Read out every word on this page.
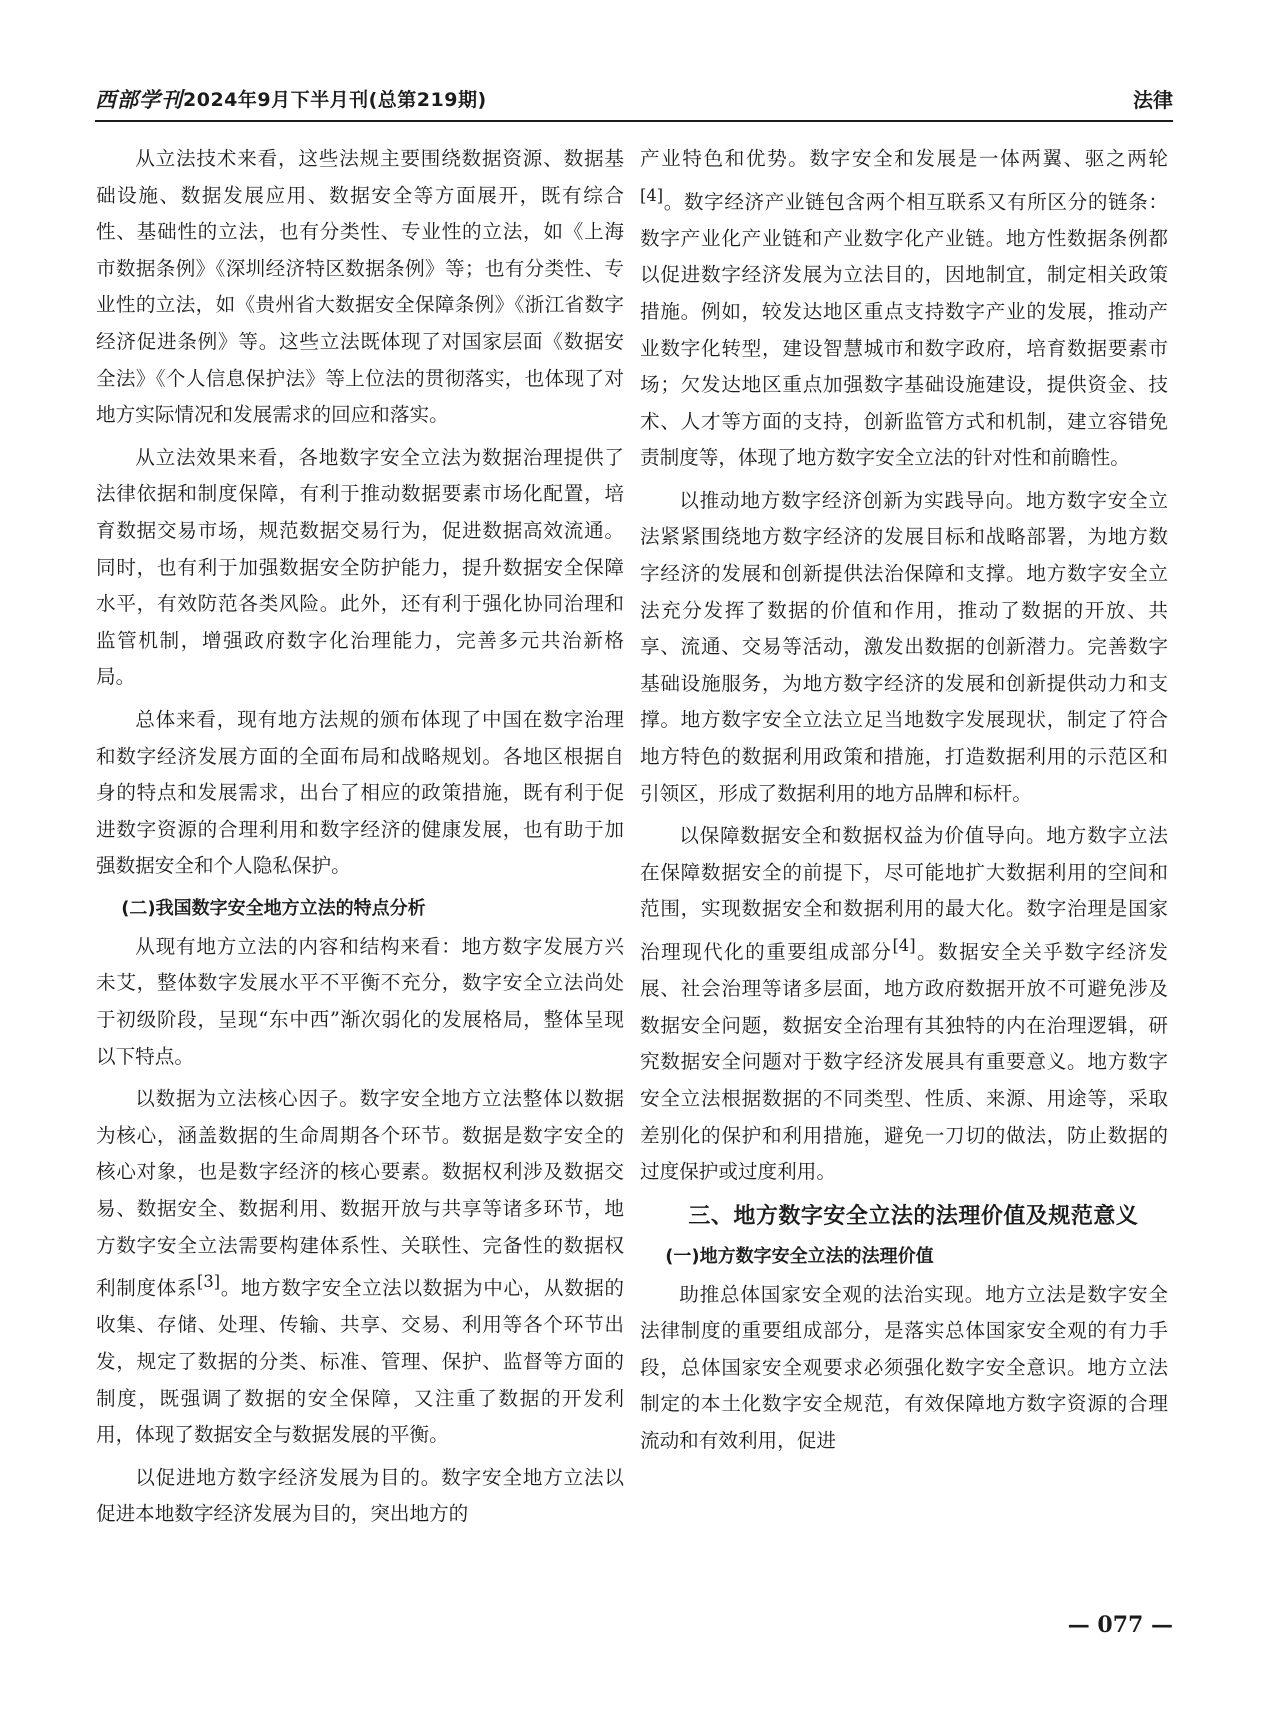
西部学刊 2024年9月下半月刊(总第219期)	法律

从立法技术来看，这些法规主要围绕数据资源、数据基础设施、数据发展应用、数据安全等方面展开，既有综合性、基础性的立法，也有分类性、专业性的立法，如《上海市数据条例》《深圳经济特区数据条例》等；也有分类性、专业性的立法，如《贵州省大数据安全保障条例》《浙江省数字经济促进条例》等。这些立法既体现了对国家层面《数据安全法》《个人信息保护法》等上位法的贯彻落实，也体现了对地方实际情况和发展需求的回应和落实。

从立法效果来看，各地数字安全立法为数据治理提供了法律依据和制度保障，有利于推动数据要素市场化配置，培育数据交易市场，规范数据交易行为，促进数据高效流通。同时，也有利于加强数据安全防护能力，提升数据安全保障水平，有效防范各类风险。此外，还有利于强化协同治理和监管机制，增强政府数字化治理能力，完善多元共治新格局。

总体来看，现有地方法规的颁布体现了中国在数字治理和数字经济发展方面的全面布局和战略规划。各地区根据自身的特点和发展需求，出台了相应的政策措施，既有利于促进数字资源的合理利用和数字经济的健康发展，也有助于加强数据安全和个人隐私保护。

(二)我国数字安全地方立法的特点分析

从现有地方立法的内容和结构来看：地方数字发展方兴未艾，整体数字发展水平不平衡不充分，数字安全立法尚处于初级阶段，呈现“东中西”渐次弱化的发展格局，整体呈现以下特点。

以数据为立法核心因子。数字安全地方立法整体以数据为核心，涵盖数据的生命周期各个环节。数据是数字安全的核心对象，也是数字经济的核心要素。数据权利涉及数据交易、数据安全、数据利用、数据开放与共享等诸多环节，地方数字安全立法需要构建体系性、关联性、完备性的数据权利制度体系[3]。地方数字安全立法以数据为中心，从数据的收集、存储、处理、传输、共享、交易、利用等各个环节出发，规定了数据的分类、标准、管理、保护、监督等方面的制度，既强调了数据的安全保障，又注重了数据的开发利用，体现了数据安全与数据发展的平衡。

以促进地方数字经济发展为目的。数字安全地方立法以促进本地数字经济发展为目的，突出地方的

产业特色和优势。数字安全和发展是一体两翼、驱之两轮[4]。数字经济产业链包含两个相互联系又有所区分的链条：数字产业化产业链和产业数字化产业链。地方性数据条例都以促进数字经济发展为立法目的，因地制宜，制定相关政策措施。例如，较发达地区重点支持数字产业的发展，推动产业数字化转型，建设智慧城市和数字政府，培育数据要素市场；欠发达地区重点加强数字基础设施建设，提供资金、技术、人才等方面的支持，创新监管方式和机制，建立容错免责制度等，体现了地方数字安全立法的针对性和前瞻性。

以推动地方数字经济创新为实践导向。地方数字安全立法紧紧围绕地方数字经济的发展目标和战略部署，为地方数字经济的发展和创新提供法治保障和支撑。地方数字安全立法充分发挥了数据的价值和作用，推动了数据的开放、共享、流通、交易等活动，激发出数据的创新潜力。完善数字基础设施服务，为地方数字经济的发展和创新提供动力和支撑。地方数字安全立法立足当地数字发展现状，制定了符合地方特色的数据利用政策和措施，打造数据利用的示范区和引领区，形成了数据利用的地方品牌和标杆。

以保障数据安全和数据权益为价值导向。地方数字立法在保障数据安全的前提下，尽可能地扩大数据利用的空间和范围，实现数据安全和数据利用的最大化。数字治理是国家治理现代化的重要组成部分[4]。数据安全关乎数字经济发展、社会治理等诸多层面，地方政府数据开放不可避免涉及数据安全问题，数据安全治理有其独特的内在治理逻辑，研究数据安全问题对于数字经济发展具有重要意义。地方数字安全立法根据数据的不同类型、性质、来源、用途等，采取差别化的保护和利用措施，避免一刀切的做法，防止数据的过度保护或过度利用。

三、地方数字安全立法的法理价值及规范意义
(一)地方数字安全立法的法理价值

助推总体国家安全观的法治实现。地方立法是数字安全法律制度的重要组成部分，是落实总体国家安全观的有力手段，总体国家安全观要求必须强化数字安全意识。地方立法制定的本土化数字安全规范，有效保障地方数字资源的合理流动和有效利用，促进

— 077 —
